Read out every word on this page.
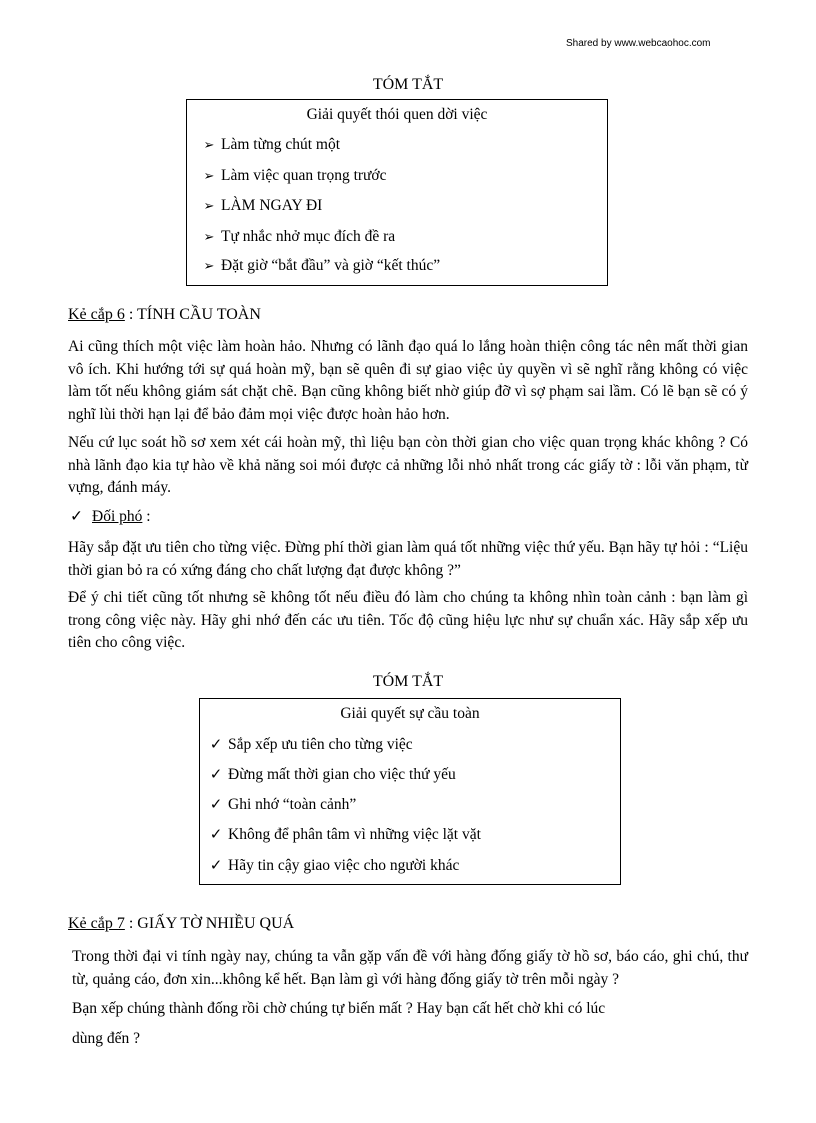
Shared by www.webcaohoc.com
TÓM TẮT
Giải quyết thói quen dời việc
➢ Làm từng chút một
➢ Làm việc quan trọng trước
➢ LÀM NGAY ĐI
➢ Tự nhắc nhở mục đích đề ra
➢ Đặt giờ “bắt đầu” và giờ “kết thúc”
Kẻ cắp 6 : TÍNH CẦU TOÀN
Ai cũng thích một việc làm hoàn hảo. Nhưng có lãnh đạo quá lo lắng hoàn thiện công tác nên mất thời gian vô ích. Khi hướng tới sự quá hoàn mỹ, bạn sẽ quên đi sự giao việc ủy quyền vì sẽ nghĩ rằng không có việc làm tốt nếu không giám sát chặt chẽ. Bạn cũng không biết nhờ giúp đỡ vì sợ phạm sai lầm. Có lẽ bạn sẽ có ý nghĩ lùi thời hạn lại để bảo đảm mọi việc được hoàn hảo hơn.
Nếu cứ lục soát hồ sơ xem xét cái hoàn mỹ, thì liệu bạn còn thời gian cho việc quan trọng khác không ? Có nhà lãnh đạo kia tự hào về khả năng soi mói được cả những lỗi nhỏ nhất trong các giấy tờ : lỗi văn phạm, từ vựng, đánh máy.
✓ Đối phó :
Hãy sắp đặt ưu tiên cho từng việc. Đừng phí thời gian làm quá tốt những việc thứ yếu. Bạn hãy tự hỏi : “Liệu thời gian bỏ ra có xứng đáng cho chất lượng đạt được không ?”
Để ý chi tiết cũng tốt nhưng sẽ không tốt nếu điều đó làm cho chúng ta không nhìn toàn cảnh : bạn làm gì trong công việc này. Hãy ghi nhớ đến các ưu tiên. Tốc độ cũng hiệu lực như sự chuẩn xác. Hãy sắp xếp ưu tiên cho công việc.
TÓM TẮT
Giải quyết sự cầu toàn
✓ Sắp xếp ưu tiên cho từng việc
✓ Đừng mất thời gian cho việc thứ yếu
✓ Ghi nhớ “toàn cảnh”
✓ Không để phân tâm vì những việc lặt vặt
✓ Hãy tin cậy giao việc cho người khác
Kẻ cắp 7 : GIẤY TỜ NHIỀU QUÁ
Trong thời đại vi tính ngày nay, chúng ta vẫn gặp vấn đề với hàng đống giấy tờ hồ sơ, báo cáo, ghi chú, thư từ, quảng cáo, đơn xin...không kể hết. Bạn làm gì với hàng đống giấy tờ trên mỗi ngày ?
Bạn xếp chúng thành đống rồi chờ chúng tự biến mất ? Hay bạn cất hết chờ khi có lúc
dùng đến ?
